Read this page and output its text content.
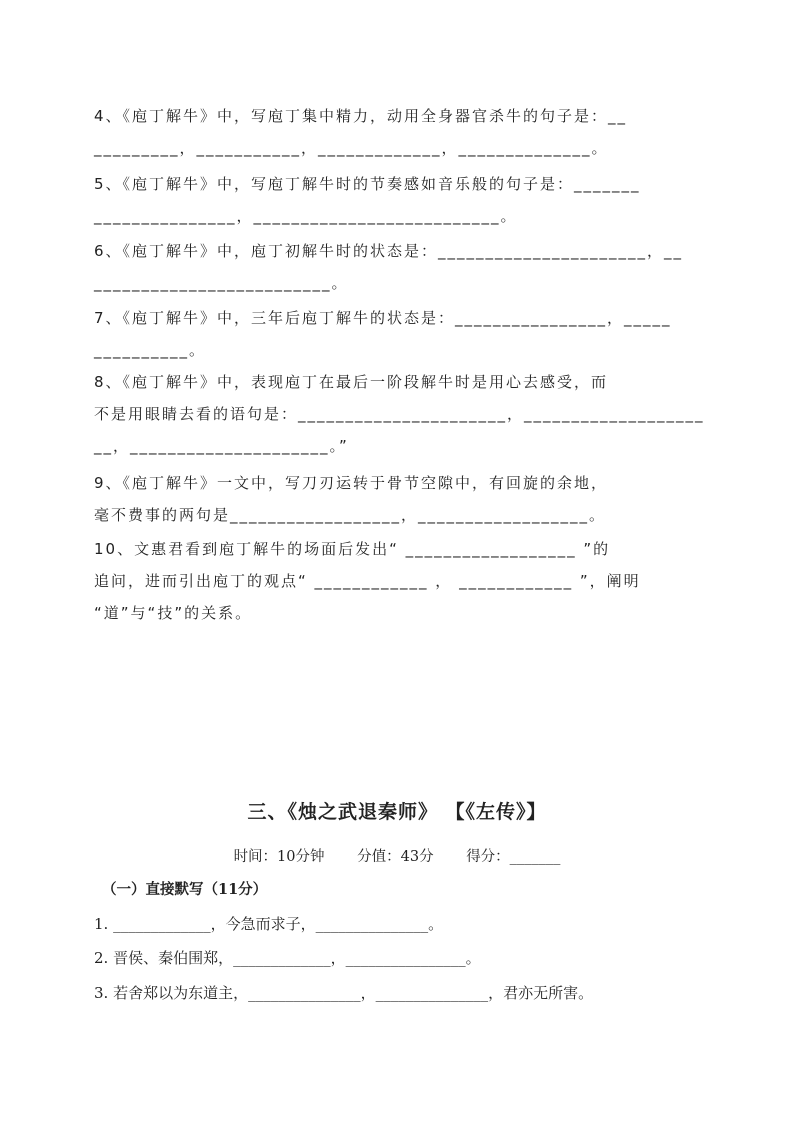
4、《庖丁解牛》中，写庖丁集中精力，动用全身器官杀牛的句子是：__
_________，___________，_____________，______________。
5、《庖丁解牛》中，写庖丁解牛时的节奏感如音乐般的句子是：_______
_______________，__________________________。
6、《庖丁解牛》中，庖丁初解牛时的状态是：______________________，__
_________________________。
7、《庖丁解牛》中，三年后庖丁解牛的状态是：________________，_____
__________。
8、《庖丁解牛》中，表现庖丁在最后一阶段解牛时是用心去感受，而
不是用眼睛去看的语句是：______________________，___________________
__，_____________________。”
9、《庖丁解牛》一文中，写刀刃运转于骨节空隙中，有回旋的余地，
毫不费事的两句是__________________，__________________。
10、文惠君看到庖丁解牛的场面后发出“ __________________ ”的
追问，进而引出庖丁的观点“ ____________ ， ____________ ”，阐明
“道”与“技”的关系。
三、《烛之武退秦师》 【《左传》】
时间：10分钟 分值：43分 得分：_______
（一）直接默写（11分）
1. _____________，今急而求子，_______________。
2. 晋侯、秦伯围郑，_____________，________________。
3. 若舍郑以为东道主，_______________，_______________，君亦无所害。
